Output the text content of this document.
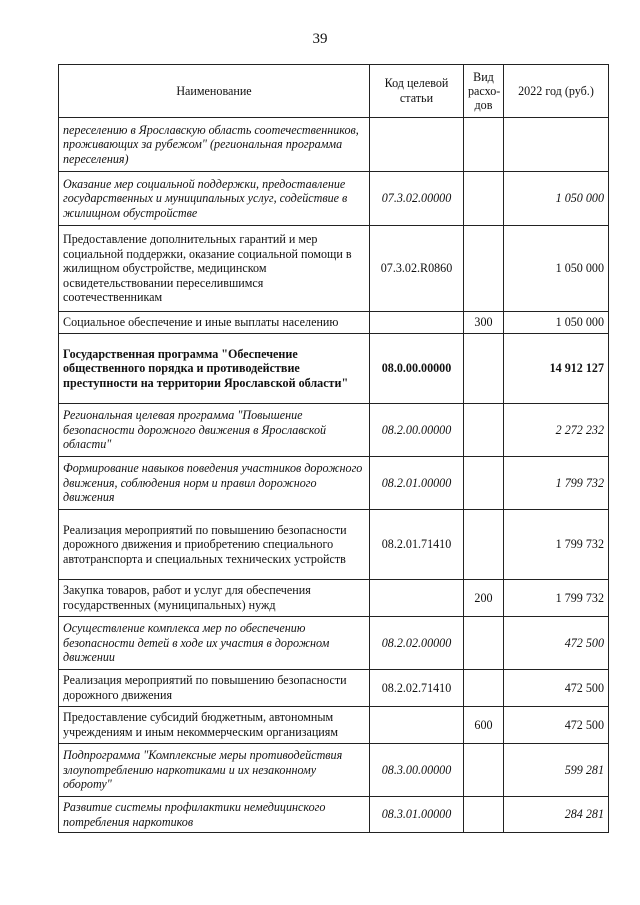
39
Наименование	Код целевой статьи	Вид расхо-дов	2022 год (руб.)
переселению в Ярославскую область соотечественников, проживающих за рубежом" (региональная программа переселения)			
Оказание мер социальной поддержки, предоставление государственных и муниципальных услуг, содействие в жилищном обустройстве	07.3.02.00000		1 050 000
Предоставление дополнительных гарантий и мер социальной поддержки, оказание социальной помощи в жилищном обустройстве, медицинском освидетельствовании переселившимся соотечественникам	07.3.02.R0860		1 050 000
Социальное обеспечение и иные выплаты населению		300	1 050 000
Государственная программа "Обеспечение общественного порядка и противодействие преступности на территории Ярославской области"	08.0.00.00000		14 912 127
Региональная целевая программа "Повышение безопасности дорожного движения в Ярославской области"	08.2.00.00000		2 272 232
Формирование навыков поведения участников дорожного движения, соблюдения норм и правил дорожного движения	08.2.01.00000		1 799 732
Реализация мероприятий по повышению безопасности дорожного движения и приобретению специального автотранспорта и специальных технических устройств	08.2.01.71410		1 799 732
Закупка товаров, работ и услуг для обеспечения государственных (муниципальных) нужд		200	1 799 732
Осуществление комплекса мер по обеспечению безопасности детей в ходе их участия в дорожном движении	08.2.02.00000		472 500
Реализация мероприятий по повышению безопасности дорожного движения	08.2.02.71410		472 500
Предоставление субсидий бюджетным, автономным учреждениям и иным некоммерческим организациям		600	472 500
Подпрограмма "Комплексные меры противодействия злоупотреблению наркотиками и их незаконному обороту"	08.3.00.00000		599 281
Развитие системы профилактики немедицинского потребления наркотиков	08.3.01.00000		284 281
